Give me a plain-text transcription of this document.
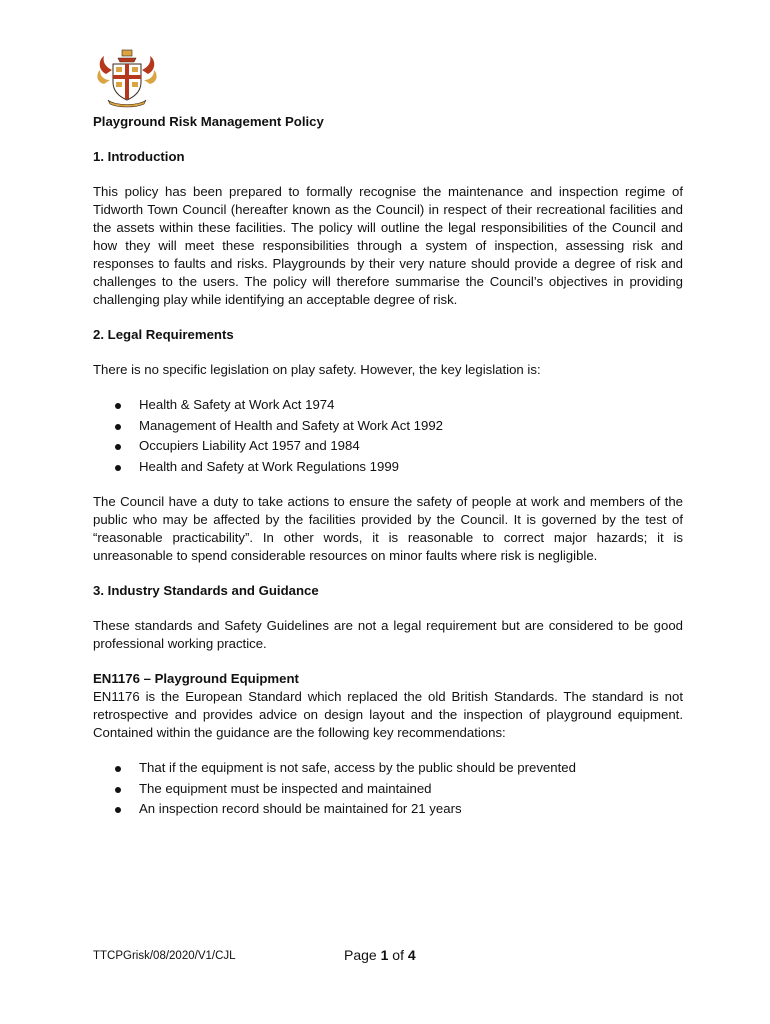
Playground Risk Management Policy

1. Introduction

This policy has been prepared to formally recognise the maintenance and inspection regime of Tidworth Town Council (hereafter known as the Council) in respect of their recreational facilities and the assets within these facilities. The policy will outline the legal responsibilities of the Council and how they will meet these responsibilities through a system of inspection, assessing risk and responses to faults and risks. Playgrounds by their very nature should provide a degree of risk and challenges to the users. The policy will therefore summarise the Council’s objectives in providing challenging play while identifying an acceptable degree of risk.

2. Legal Requirements

There is no specific legislation on play safety. However, the key legislation is:

Health & Safety at Work Act 1974
Management of Health and Safety at Work Act 1992
Occupiers Liability Act 1957 and 1984
Health and Safety at Work Regulations 1999

The Council have a duty to take actions to ensure the safety of people at work and members of the public who may be affected by the facilities provided by the Council. It is governed by the test of “reasonable practicability”. In other words, it is reasonable to correct major hazards; it is unreasonable to spend considerable resources on minor faults where risk is negligible.

3. Industry Standards and Guidance

These standards and Safety Guidelines are not a legal requirement but are considered to be good professional working practice.

EN1176 – Playground Equipment

EN1176 is the European Standard which replaced the old British Standards. The standard is not retrospective and provides advice on design layout and the inspection of playground equipment. Contained within the guidance are the following key recommendations:

That if the equipment is not safe, access by the public should be prevented
The equipment must be inspected and maintained
An inspection record should be maintained for 21 years
TTCPGrisk/08/2020/V1/CJL	Page 1 of 4
